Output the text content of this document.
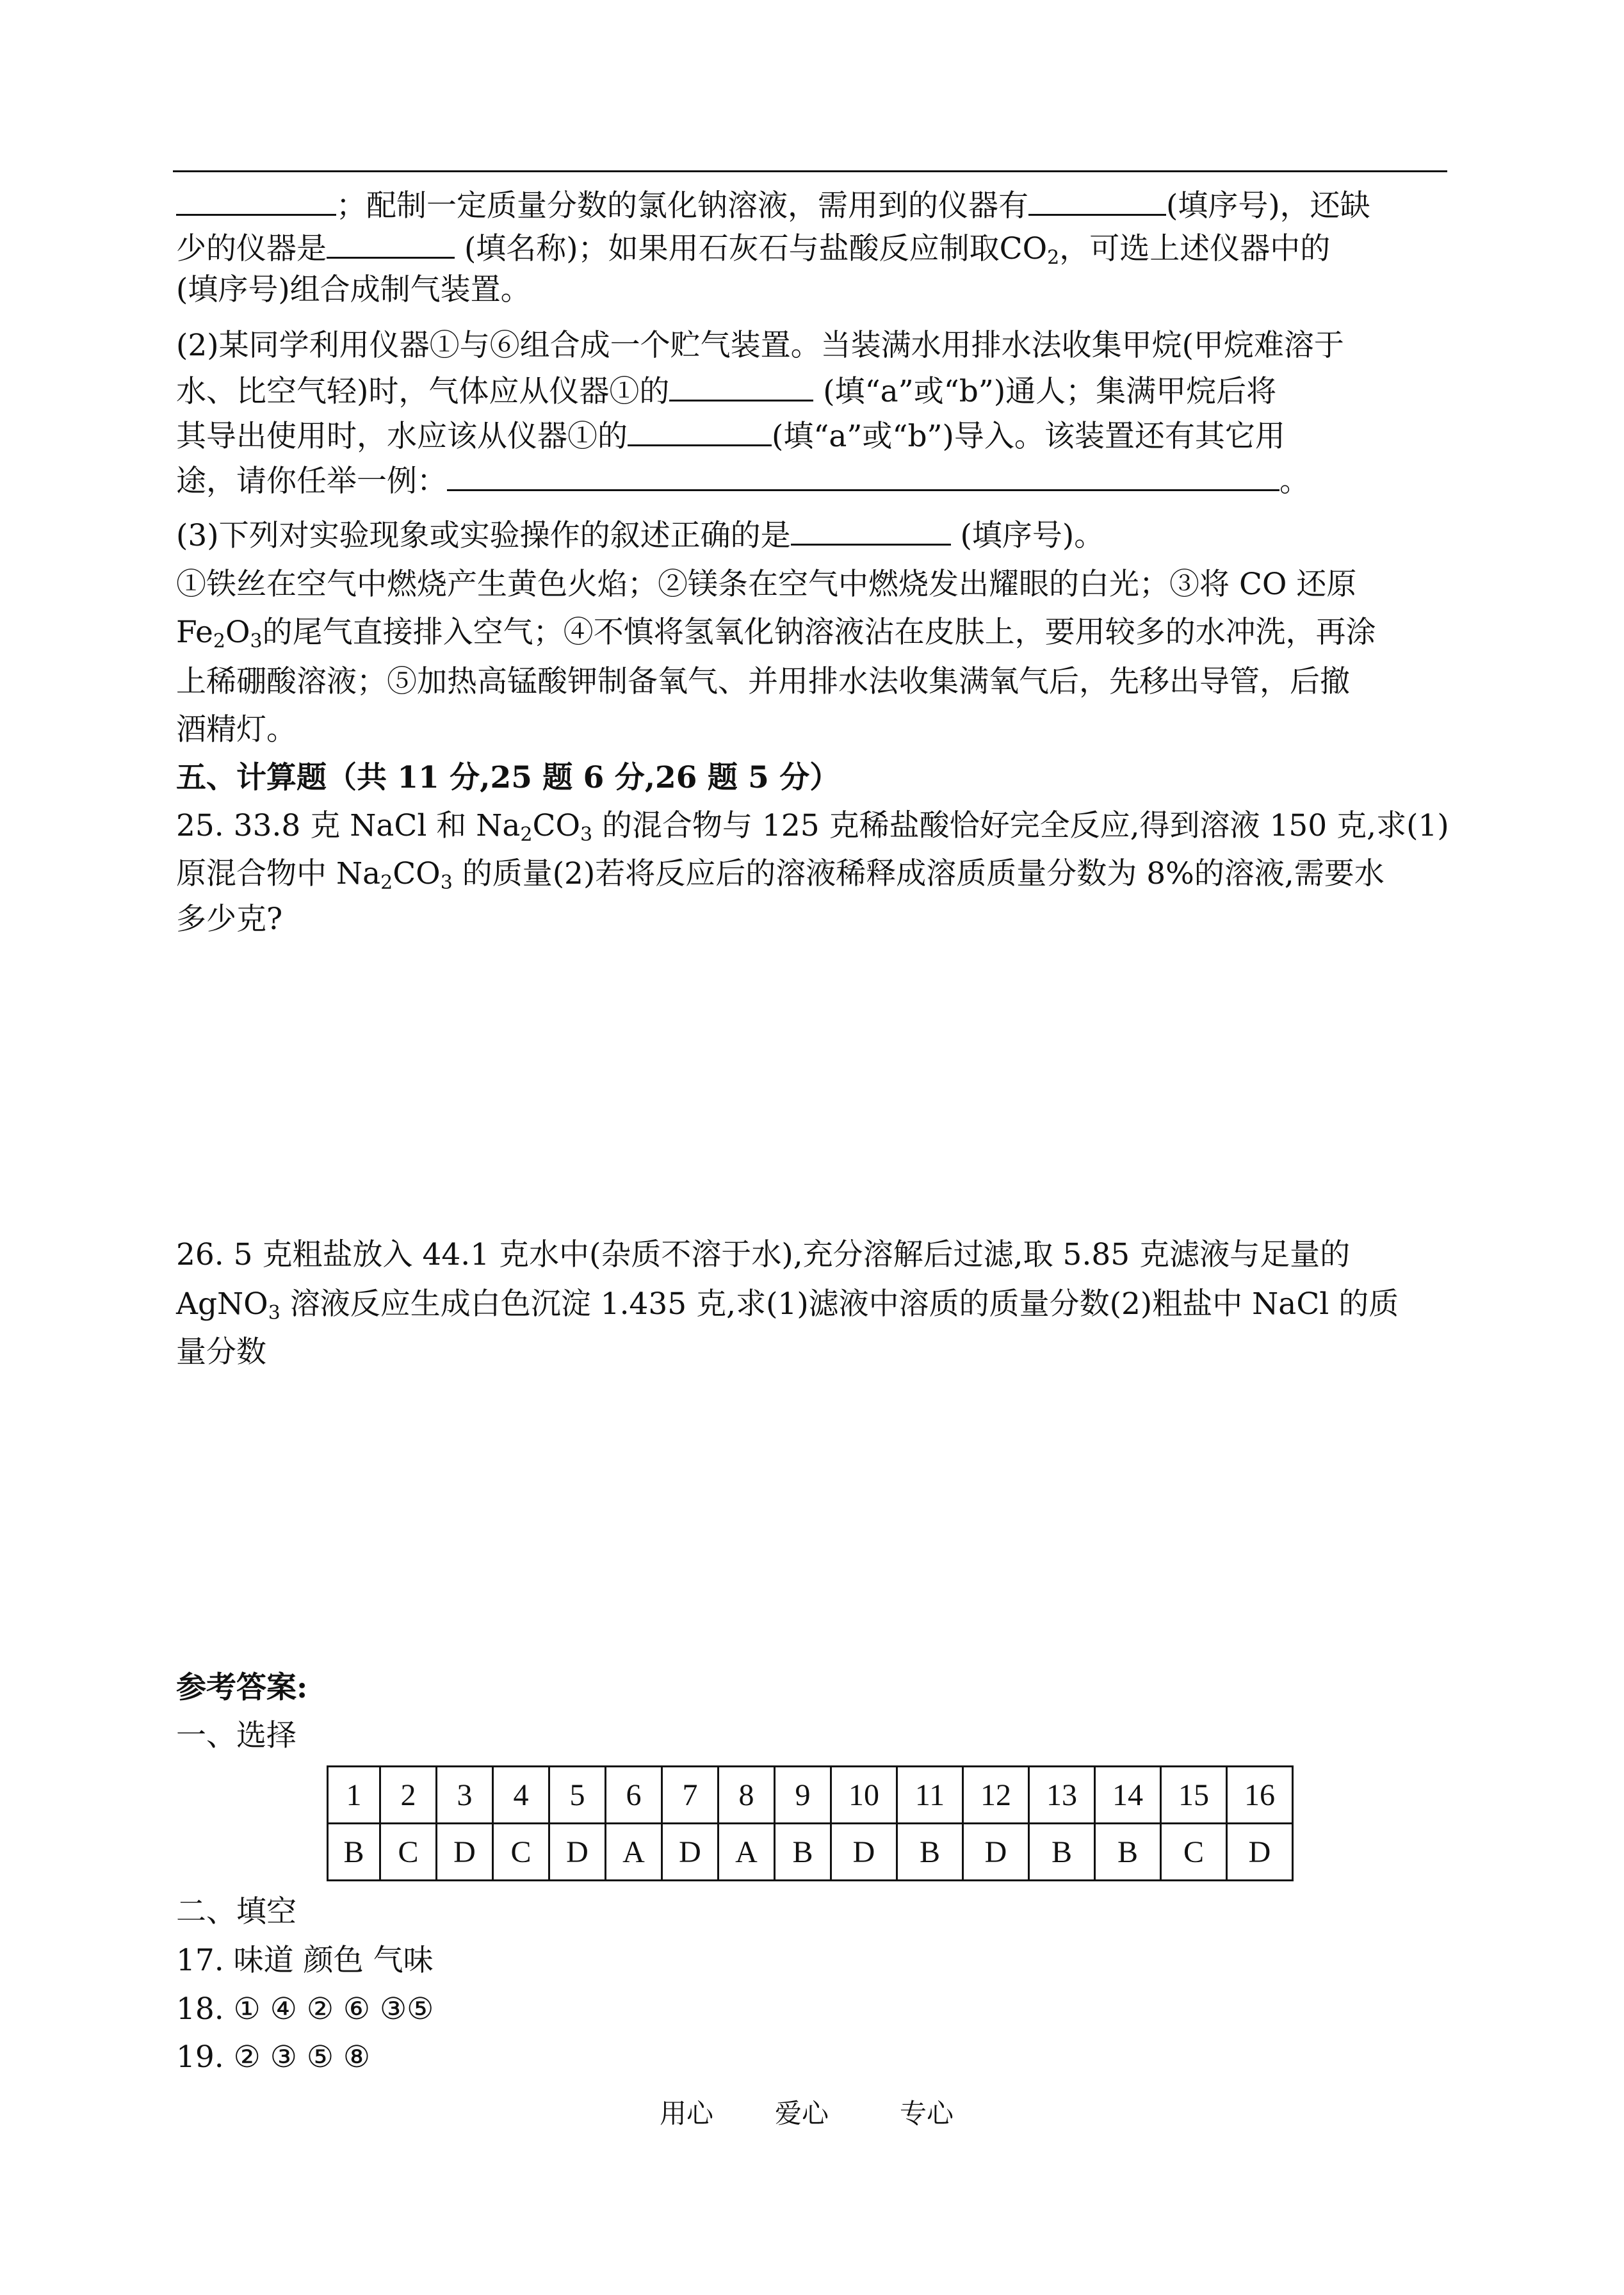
；配制一定质量分数的氯化钠溶液，需用到的仪器有	(填序号)，还缺
少的仪器是	(填名称)；如果用石灰石与盐酸反应制取$CO_2$，可选上述仪器中的
(填序号)组合成制气装置。
(2)某同学利用仪器①与⑥组合成一个贮气装置。当装满水用排水法收集甲烷(甲烷难溶于
水、比空气轻)时，气体应从仪器①的	(填“a”或“b”)通人；集满甲烷后将
其导出使用时，水应该从仪器①的	(填“a”或“b”)导入。该装置还有其它用
途，请你任举一例：	。
(3)下列对实验现象或实验操作的叙述正确的是	(填序号)。
①铁丝在空气中燃烧产生黄色火焰；②镁条在空气中燃烧发出耀眼的白光；③将 CO 还原
$Fe_2O_3$的尾气直接排入空气；④不慎将氢氧化钠溶液沾在皮肤上，要用较多的水冲洗，再涂
上稀硼酸溶液；⑤加热高锰酸钾制备氧气、并用排水法收集满氧气后，先移出导管，后撤
酒精灯。
五、计算题（共 11 分,25 题 6 分,26 题 5 分）
25. 33.8 克 NaCl 和 $Na_2CO_3$ 的混合物与 125 克稀盐酸恰好完全反应,得到溶液 150 克,求(1)
原混合物中 $Na_2CO_3$ 的质量(2)若将反应后的溶液稀释成溶质质量分数为 8%的溶液,需要水
多少克?
26. 5 克粗盐放入 44.1 克水中(杂质不溶于水),充分溶解后过滤,取 5.85 克滤液与足量的
AgNO$_3$ 溶液反应生成白色沉淀 1.435 克,求(1)滤液中溶质的质量分数(2)粗盐中 NaCl 的质
量分数
参考答案:
一、选择
1	2	3	4	5	6	7	8	9	10	11	12	13	14	15	16
B	C	D	C	D	A	D	A	B	D	B	D	B	B	C	D
二、填空
17. 味道 颜色 气味
18. ① ④ ② ⑥ ③⑤
19. ② ③ ⑤ ⑧
用心 爱心	专心
